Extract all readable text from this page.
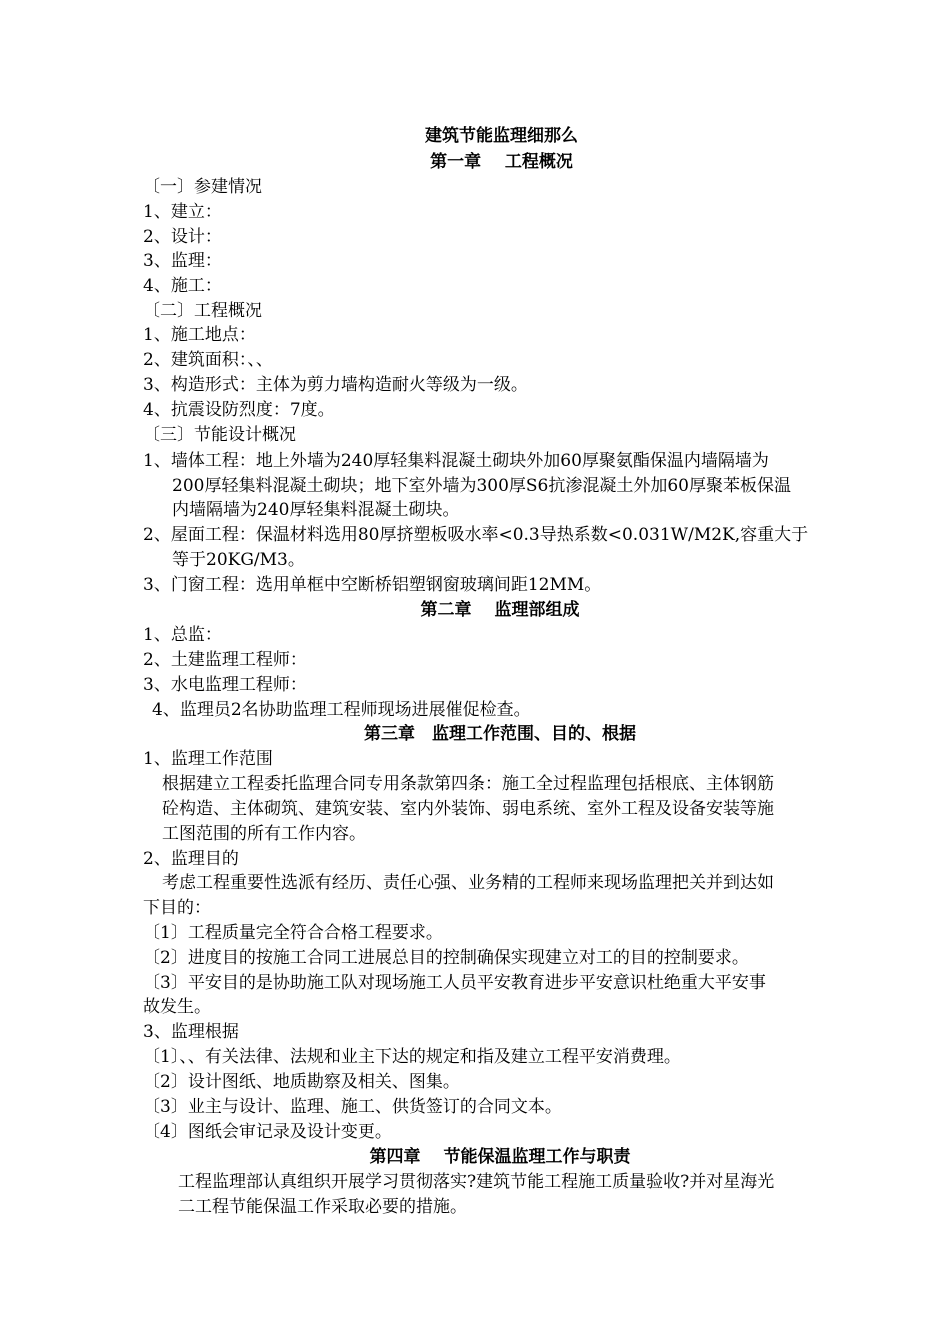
建筑节能监理细那么
第一章 工程概况
〔一〕参建情况
1、建立：
2、设计：
3、监理：
4、施工：
〔二〕工程概况
1、施工地点：
2、建筑面积：、、
3、构造形式：主体为剪力墙构造耐火等级为一级。
4、抗震设防烈度：7度。
〔三〕节能设计概况
1、墙体工程：地上外墙为240厚轻集料混凝土砌块外加60厚聚氨酯保温内墙隔墙为
200厚轻集料混凝土砌块；地下室外墙为300厚S6抗渗混凝土外加60厚聚苯板保温
内墙隔墙为240厚轻集料混凝土砌块。
2、屋面工程：保温材料选用80厚挤塑板吸水率<0.3导热系数<0.031W/M2K,容重大于
等于20KG/M3。
3、门窗工程：选用单框中空断桥铝塑钢窗玻璃间距12MM。
第二章　 监理部组成
1、总监：
2、土建监理工程师：
3、水电监理工程师：
4、监理员2名协助监理工程师现场进展催促检查。
第三章　监理工作范围、目的、根据
1、监理工作范围
根据建立工程委托监理合同专用条款第四条：施工全过程监理包括根底、主体钢筋
砼构造、主体砌筑、建筑安装、室内外装饰、弱电系统、室外工程及设备安装等施
工图范围的所有工作内容。
2、监理目的
考虑工程重要性选派有经历、责任心强、业务精的工程师来现场监理把关并到达如
下目的：
〔1〕工程质量完全符合合格工程要求。
〔2〕进度目的按施工合同工进展总目的控制确保实现建立对工的目的控制要求。
〔3〕平安目的是协助施工队对现场施工人员平安教育进步平安意识杜绝重大平安事
故发生。
3、监理根据
〔1〕、、有关法律、法规和业主下达的规定和指及建立工程平安消费理。
〔2〕设计图纸、地质勘察及相关、图集。
〔3〕业主与设计、监理、施工、供货签订的合同文本。
〔4〕图纸会审记录及设计变更。
第四章　 节能保温监理工作与职责
工程监理部认真组织开展学习贯彻落实?建筑节能工程施工质量验收?并对星海光
二工程节能保温工作采取必要的措施。
